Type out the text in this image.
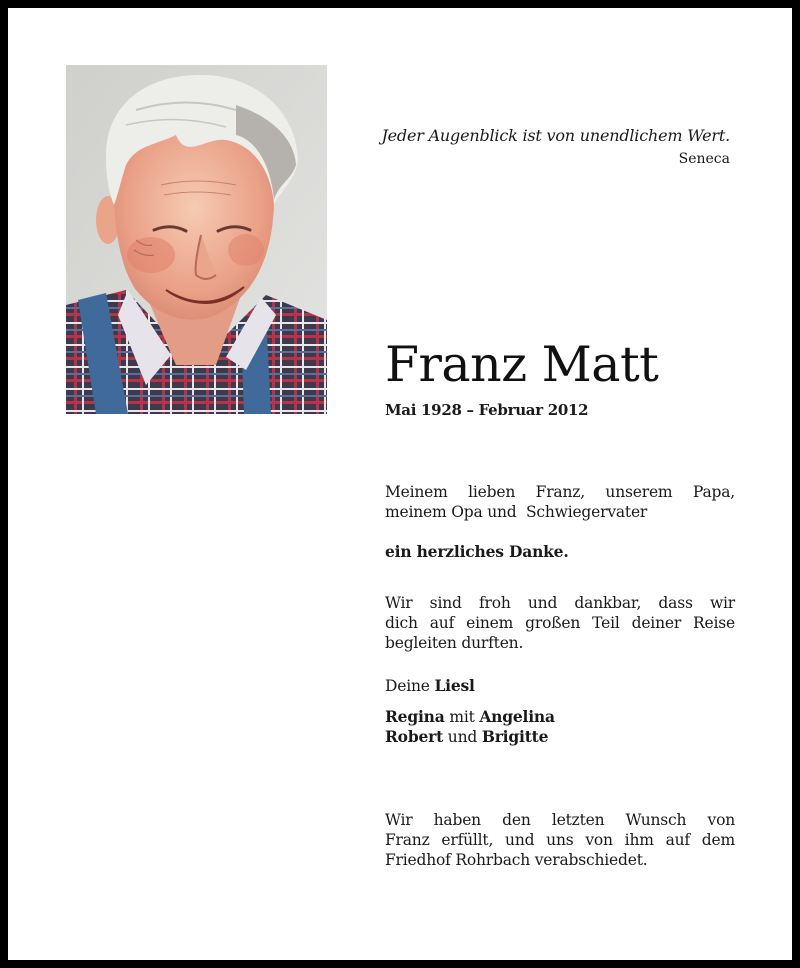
Jeder Augenblick ist von unendlichem Wert.
Seneca
Franz Matt
Mai 1928 – Februar 2012
Meinem lieben Franz, unserem Papa,
meinem Opa und  Schwiegervater
ein herzliches Danke.
Wir sind froh und dankbar, dass wir
dich auf einem großen Teil deiner Reise
begleiten durften.
Deine Liesl
Regina mit Angelina
Robert und Brigitte
Wir haben den letzten Wunsch von
Franz erfüllt, und uns von ihm auf dem
Friedhof Rohrbach verabschiedet.
